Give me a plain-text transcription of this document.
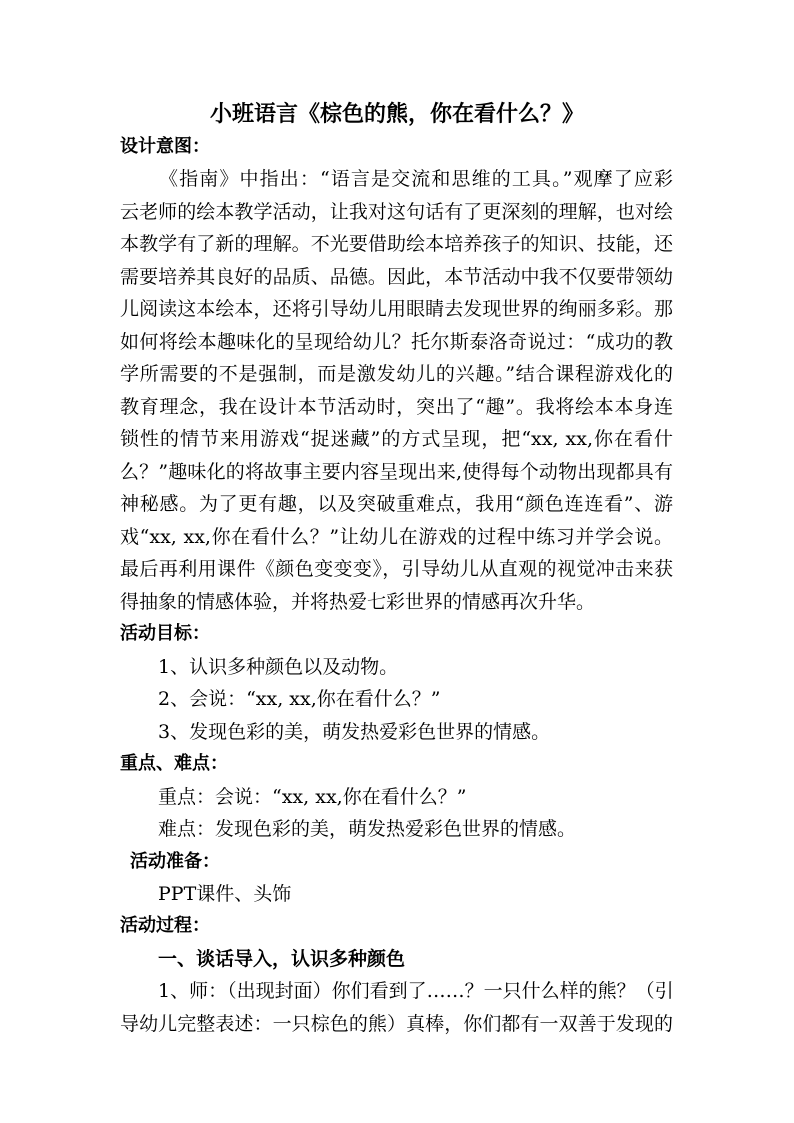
小班语言《棕色的熊，你在看什么？》
设计意图：
《指南》中指出：“语言是交流和思维的工具。”观摩了应彩
云老师的绘本教学活动，让我对这句话有了更深刻的理解，也对绘
本教学有了新的理解。不光要借助绘本培养孩子的知识、技能，还
需要培养其良好的品质、品德。因此，本节活动中我不仅要带领幼
儿阅读这本绘本，还将引导幼儿用眼睛去发现世界的绚丽多彩。那
如何将绘本趣味化的呈现给幼儿？托尔斯泰洛奇说过：“成功的教
学所需要的不是强制，而是激发幼儿的兴趣。”结合课程游戏化的
教育理念，我在设计本节活动时，突出了“趣”。我将绘本本身连
锁性的情节来用游戏“捉迷藏”的方式呈现，把“xx, xx,你在看什
么？”趣味化的将故事主要内容呈现出来,使得每个动物出现都具有
神秘感。为了更有趣，以及突破重难点，我用“颜色连连看”、游
戏“xx, xx,你在看什么？”让幼儿在游戏的过程中练习并学会说。
最后再利用课件《颜色变变变》，引导幼儿从直观的视觉冲击来获
得抽象的情感体验，并将热爱七彩世界的情感再次升华。
活动目标：
1、认识多种颜色以及动物。
2、会说：“xx, xx,你在看什么？”
3、发现色彩的美，萌发热爱彩色世界的情感。
重点、难点：
重点：会说：“xx, xx,你在看什么？”
难点：发现色彩的美，萌发热爱彩色世界的情感。
活动准备：
PPT课件、头饰
活动过程：
一、谈话导入，认识多种颜色
1、师：（出现封面）你们看到了……？一只什么样的熊？（引
导幼儿完整表述：一只棕色的熊）真棒，你们都有一双善于发现的
